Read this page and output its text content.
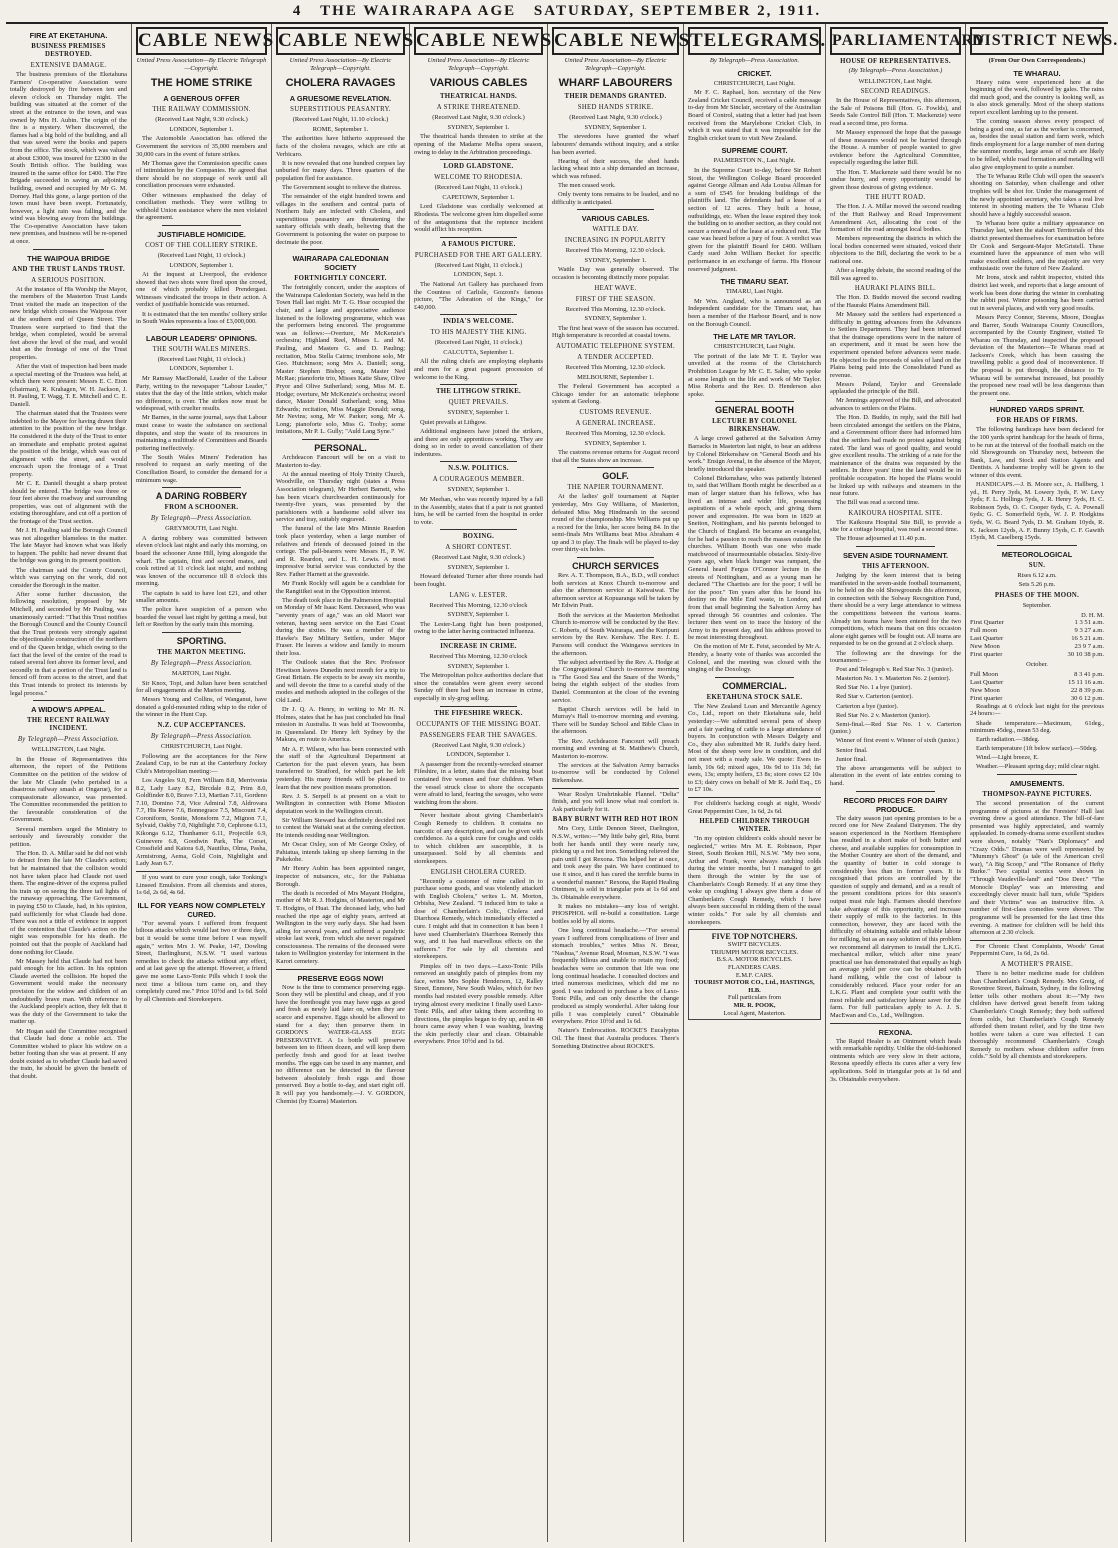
4 THE WAIRARAPA AGE SATURDAY, SEPTEMBER 2, 1911.
FIRE AT EKETAHUNA.
BUSINESS PREMISES DESTROYED.
EXTENSIVE DAMAGE.

The business premises of the Eketahuna Farmers' Co-operative Association were totally destroyed by fire between ten and eleven o'clock on Thursday night. The building was situated at the corner of the street at the entrance to the town, and was owned by Mrs H. Aubin. The origin of the fire is a mystery. When discovered, the flames had a big hold of the building, and all that was saved were the books and papers from the office. The stock, which was valued at about £3000, was insured for £2300 in the South British office. The building was insured in the same office for £400. The Fire Brigade succeeded in saving an adjoining building, owned and occupied by Mr G. M. Dorney. Had this gone, a large portion of the town must have been swept. Fortunately, however, a light rain was falling, and the wind was blowing away from the buildings. The Co-operative Association have taken new premises, and business will be re-opened at once.

THE WAIPOUA BRIDGE
AND THE TRUST LANDS TRUST.
A SERIOUS POSITION.

At the instance of His Worship the Mayor, the members of the Masterton Trust Lands Trust visited the made an inspection of the new bridge which crosses the Waipoua river at the southern end of Queen Street. The Trustees were surprised to find that the bridge, when completed, would be several feet above the level of the road, and would shut an the frontage of one of the Trust properties.

After the visit of inspection had been made a special meeting of the Trustees was held, at which there were present: Messrs E. C. Eton (chairman), R. Krahagen, W. H. Jackson, J. H. Pauling, T. Wagg, T. E. Mitchell and C. E. Daniell.

The chairman stated that the Trustees were indebted to the Mayor for having drawn their attention to the position of the new bridge. He considered it the duty of the Trust to enter an immediate and emphatic protest against the position of the bridge, which was out of alignment with the street, and would encroach upon the frontage of a Trust property.

Mr C. E. Daniell thought a sharp protest should be entered. The bridge was three or four feet above the roadway and surrounding properties, was out of alignment with the existing thoroughfare, and cut off a portion of the frontage of the Trust section.

Mr J. H. Pauling said the Borough Council was not altogether blameless in the matter. The late Mayor had known what was likely to happen. The public had never dreamt that the bridge was going in its present position.

The chairman said the County Council, which was carrying on the work, did not consider the Borough in the matter.

After some further discussion, the following resolution, proposed by Mr Mitchell, and seconded by Mr Pauling, was unanimously carried: "That this Trust notifies the Borough Council and the County Council that the Trust protests very strongly against the objectionable construction of the northern end of the Queen bridge, which owing to the fact that the level of the centre of the road is raised several feet above its former level, and secondly in that a portion of the Trust land is fenced off from access to the street, and that this Trust intends to protect its interests by legal process."

A WIDOW'S APPEAL.
THE RECENT RAILWAY INCIDENT.
By Telegraph—Press Association.
WELLINGTON, Last Night.

In the House of Representatives this afternoon, the report of the Petitions Committee on the petition of the widow of the late Mr Claude (who perished in a disastrous railway smash at Ongarue), for a compassionate allowance, was presented. The Committee recommended the petition to the favourable consideration of the Government.

Several members urged the Ministry to seriously and favourably consider the petition.

The Hon. D. A. Millar said he did not wish to detract from the late Mr Claude's action; but he maintained that the collision would not have taken place had Claude not used them. The engine-driver of the express pulled his train up on seeing the three tail lights of the runaway approaching. The Government, in paying £50 to Claude, had, in his opinion, paid sufficiently for what Claude had done. There was not a tittle of evidence in support of the contention that Claude's action on the night was responsible for his death. He pointed out that the people of Auckland had done nothing for Claude.

Mr Massey held that Claude had not been paid enough for his action. In his opinion Claude averted the collision. He hoped the Government would make the necessary provision for the widow and children of an undoubtedly brave man. With reference to the Auckland people's action, they felt that it was the duty of the Government to take the matter up.

Mr Hogan said the Committee recognised that Claude had done a noble act. The Committee wished to place his widow on a better footing than she was at present. If any doubt existed as to whether Claude had saved the train, he should be given the benefit of that doubt.

CABLE NEWS
United Press Association—By Electric Telegraph—Copyright.
THE HOME STRIKE
A GENEROUS OFFER
THE RAILWAY COMMISSION.
(Received Last Night, 9.30 o'clock.)
LONDON, September 1.

The Automobile Association has offered the Government the services of 35,000 members and 30,000 cars in the event of future strikes.

Mr Thomas gave the Commission specific cases of intimidation by the Companies. He agreed that there should be no stoppage of work until all conciliation processes were exhausted.

Other witnesses emphasised the delay of conciliation methods. They were willing to withhold Union assistance where the men violated the agreement.

JUSTIFIABLE HOMICIDE.
COST OF THE COLLIERY STRIKE.
(Received Last Night, 11 o'clock.)
LONDON, September 1.

At the inquest at Liverpool, the evidence showed that two shots were fired upon the crowd, one of which probably killed Prendergast. Witnesses vindicated the troops in their action. A verdict of justifiable homicide was returned.

It is estimated that the ten months' colliery strike in South Wales represents a loss of £3,000,000.

LABOUR LEADERS' OPINIONS.
THE SOUTH WALES MINERS.
(Received Last Night, 11 o'clock.)
LONDON, September 1.

Mr Ramsay MacDonald, Leader of the Labour Party, writing to the newspaper "Labour Leader," states that the day of the little strikes, which make no difference, is over. The strikes now must be widespread, with cruelter results.

Mr Barnes, in the same journal, says that Labour must cease to waste the substance on sectional disputes, and stop the waste of its resources in maintaining a multitude of Committees and Boards pottering ineffectively.

The South Wales Miners' Federation has resolved to request an early meeting of the Conciliation Board, to consider the demand for a minimum wage.

A DARING ROBBERY
FROM A SCHOONER.
By Telegraph—Press Association.
GREYMOUTH, Last Night.

A daring robbery was committed between eleven o'clock last night and early this morning, on board the schooner Anne Hill, lying alongside the wharf. The captain, first and second mates, and cook retired at 11 o'clock last night, and nothing was known of the occurrence till 8 o'clock this morning.

The captain is said to have lost £21, and other smaller amounts.

The police have suspicion of a person who boarded the vessel last night by getting a meal, but left or Reefton by the early train this morning.

SPORTING.
THE MARTON MEETING.
By Telegraph—Press Association.
MARTON, Last Night.

Sir Knox, Topi, and Julian have been scratched for all engagements at the Marton meeting.

Messrs Young and Collins, of Wanganui, have donated a gold-mounted riding whip to the rider of the winner in the Hunt Cup.

N.Z. CUP ACCEPTANCES.
By Telegraph—Press Association.
CHRISTCHURCH, Last Night.

Following are the acceptances for the New Zealand Cup, to be run at the Canterbury Jockey Club's Metropolitan meeting:—

Los Angeles 9.0, Fern William 8.8, Merrivonia 8.2, Lady Lazy 8.2, Bircdale 8.2, Prim 8.0, Goldfinder 8.0, Bravo 7.13, Martian 7.11, Gordeno 7.10, Domino 7.8, Vice Admiral 7.8, Aldrovara 7.7, His Reeve 7.6, Bonnegrace 7.5, Miscount 7.4, Coroniform, Sonite, Monsform 7.2, Mignon 7.1, Sylvaid, Oakby 7.0, Nightlight 7.0, Cephrone 6.13, Kikonga 6.12, Thunhamer 6.11, Projectile 6.9, Guinevere 6.8, Goodwin Park, The Corset, Crossfield and Kaiora 6.8, Nautilus, Olma, Pasha, Armistrong, Aema, Gold Coin, Nightlight and Lady Jean 6.7.

If you want to cure your cough, take Tonking's Linseed Emulsion. From all chemists and stores, 1s 6d, 2s 6d, 4s 6d.

ILL FOR YEARS NOW COMPLETELY CURED.

"For several years I suffered from frequent bilious attacks which would last two or three days, but it would be some time before I was myself again," writes Mrs J. W. Peake, 147, Dowling Street, Darlinghurst, N.S.W. "I used various remedies to check the attacks without any effect, and at last gave up the attempt. However, a friend gave me some Laxo-Tonic Pills which I took the next time a bilious turn came on, and they completely cured me." Price 10½d and 1s 6d. Sold by all Chemists and Storekeepers.

CABLE NEWS
United Press Association—By Electric Telegraph—Copyright.
CHOLERA RAVAGES
A GRUESOME REVELATION.
SUPERSTITIOUS PEASANTRY.
(Received Last Night, 11.10 o'clock.)
ROME, September 1.

The authorities have hitherto suppressed the facts of the cholera ravages, which are rife at Verbicaro.

It is now revealed that one hundred corpses lay unburied for many days. Three quarters of the population fled for assistance.

The Government sought to relieve the distress.

The remainder of the eight hundred towns and villages in the southern and central parts of Northern Italy are infected with Cholera, and superstitious peasantry are threatening the sanitary officials with death, believing that the Government is poisoning the water on purpose to decimate the poor.

WAIRARAPA CALEDONIAN SOCIETY
FORTNIGHTLY CONCERT.

The fortnightly concert, under the auspices of the Wairarapa Caledonian Society, was held in the Town Hall last night. Mr T. G. Hoar occupied the chair, and a large and appreciative audience listened to the following programme, which was the performers being encored. The programme was as follows:—Overture, Mr McKenzie's orchestra; Highland Reel, Misses L. and M. Pauling, and Masters G. and D. Pauling; recitation, Miss Stella Cairns; trombone solo, Mr Geo. Hutchinson; song Mrs A. Daniell; song, Master Stephen Bishop; song, Master Ned McRae; pianoforte trio, Misses Katie Shaw, Olive Pryor and Olive Sutherland; song, Miss M. E. Hodge; overture, Mr McKenzie's orchestra; sword dance, Master Donald Sutherland; song, Miss Edwards; recitation, Miss Maggie Donald; song, Mr Nevins; song, Mr W. Parker; song, Mr A. Long; pianoforte solo, Miss G. Tooby; some imitations, Mr P. L. Gully; "Auld Lang Syne."

PERSONAL.

Archdeacon Fancourt will be on a visit to Masterton to-day.

At the annual meeting of Holy Trinity Church, Woodville, on Thursday night (states a Press Association telegram), Mr Herbert Barnett, who has been vicar's churchwarden continuously for twenty-five years, was presented by the parishioners with a handsome solid silver tea service and tray, suitably engraved.

The funeral of the late Mrs Minnie Reardon took place yesterday, when a large number of relatives and friends of deceased joined in the cortege. The pall-bearers were Messrs H., P. W. and R. Reardon, and L. H. Lewis. A most impressive burial service was conducted by the Rev. Father Harnett at the graveside.

Mr Frank Rockly will again be a candidate for the Rangitikei seat in the Opposition interest.

The death took place in the Palmerston Hospital on Monday of Mr Isaac Kent. Deceased, who was "seventy years of age," was an old Maori war veteran, having seen service on the East Coast during the sixties. He was a member of the Hawke's Bay Military Settlers, under Major Fraser. He leaves a widow and family to mourn their loss.

The Outlook states that the Rev. Professor Hewitson leaves Dunedin next month for a trip to Great Britain. He expects to be away six months, and will devote the time to a careful study of the modes and methods adopted in the colleges of the Old Land.

Dr J. Q. A. Henry, in writing to Mr H. N. Holmes, states that he has just concluded his final mission in Australia. It was held at Toowoomba, in Queensland. Dr Henry left Sydney by the Makura, en route to America.

Mr A. F. Wilson, who has been connected with the staff of the Agricultural Department at Carterton for the past eleven years, has been transferred to Stratford, for which part he left yesterday. His many friends will be pleased to learn that the new position means promotion.

Rev. J. S. Serpell is at present on a visit to Wellington in connection with Home Mission deputation work in the Wellington circuit.

Sir William Steward has definitely decided not to contest the Waitaki seat at the coming election. He intends residing near Wellington.

Mr Oscar Oxley, son of Mr George Oxley, of Pahiatua, intends taking up sheep farming in the Pukekohe.

Mr Henry Aubin has been appointed ranger, inspector of nuisances, etc., for the Pahiatua Borough.

The death is recorded of Mrs Mayant Hodgins, mother of Mr R. J. Hodgins, of Masterton, and Mr T. Hodgins, of Huai. The deceased lady, who had reached the ripe age of eighty years, arrived at Wellington in the very early days. She had been ailing for several years, and suffered a paralytic stroke last week, from which she never regained consciousness. The remains of the deceased were taken to Wellington yesterday for interment in the Karori cemetery.

PRESERVE EGGS NOW!

Now is the time to commence preserving eggs. Soon they will be plentiful and cheap, and if you have the forethought you may have eggs as good and fresh as newly laid later on, when they are scarce and expensive. Eggs should be allowed to stand for a day; then preserve them in GORDON'S WATER-GLASS EGG PRESERVATIVE. A 1s bottle will preserve between ten to fifteen dozen, and will keep them perfectly fresh and good for at least twelve months. The eggs can be used in any manner, and no difference can be detected in the flavour between absolutely fresh eggs and those preserved. Buy a bottle to-day, and start right off. It will pay you handsomely.—J. V. GORDON, Chemist (by Exams) Masterton.

CABLE NEWS
United Press Association—By Electric Telegraph—Copyright.
VARIOUS CABLES
THEATRICAL HANDS.
A STRIKE THREATENED.
(Received Last Night, 9.30 o'clock.)
SYDNEY, September 1.

The theatrical hands threaten to strike at the opening of the Madame Melba opera season, owing to delay in the Arbitration proceedings.

LORD GLADSTONE.
WELCOME TO RHODESIA.
(Received Last Night, 11 o'clock.)
CAPETOWN, September 1.

Lord Gladstone was cordially welcomed at Rhodesia. The welcome given him dispelled some of the antagonisms that the reptence incident would afflict his reception.

A FAMOUS PICTURE.
PURCHASED FOR THE ART GALLERY.
(Received Last Night, 11 o'clock.)
LONDON, Sept. 1.

The National Art Gallery has purchased from the Countess of Carlisle, Gozzoni's famous picture, "The Adoration of the Kings," for £40,000.

INDIA'S WELCOME.
TO HIS MAJESTY THE KING.
(Received Last Night, 11 o'clock.)
CALCUTTA, September 1.

All the ruling chiefs are employing elephants and men for a great pageant procession of welcome to the King.

THE LITHGOW STRIKE.
QUIET PREVAILS.
SYDNEY, September 1.

Quiet prevails at Lithgow.

Additional engineers have joined the strikers, and there are only apprentices working. They are doing so in order to avoid cancellation of their indentures.

N.S.W. POLITICS.
A COURAGEOUS MEMBER.
SYDNEY, September 1.

Mr Meehan, who was recently injured by a fall in the Assembly, states that if a pair is not granted him, he will be carried from the hospital in order to vote.

BOXING.
A SHORT CONTEST.
(Received Last Night, 9.30 o'clock.)
SYDNEY, September 1.

Howard defeated Turner after three rounds had been fought.

LANG v. LESTER.
Received This Morning, 12.30 o'clock
SYDNEY, September 1.

The Lester-Lang fight has been postponed, owing to the latter having contracted influenza.

INCREASE IN CRIME.
Received This Morning, 12.30 o'clock
SYDNEY, September 1.

The Metropolitan police authorities declare that since the constables were given every second Sunday off there had been an increase in crime, especially in sly-grog selling.

THE FIFESHIRE WRECK.
OCCUPANTS OF THE MISSING BOAT.
PASSENGERS FEAR THE SAVAGES.
(Received Last Night, 9.30 o'clock.)
LONDON, September 1.

A passenger from the recently-wrecked steamer Fifeshire, in a letter, states that the missing boat contained five women and four children. When the vessel struck close to shore the occupants were afraid to land, fearing the savages, who were watching from the shore.

Never hesitate about giving Chamberlain's Cough Remedy to children. It contains no narcotic of any description, and can be given with confidence. As a quick cure for coughs and colds to which children are susceptible, it is unsurpassed. Sold by all chemists and storekeepers.

ENGLISH CHOLERA CURED.

"Recently a customer of mine called in to purchase some goods, and was violently attacked with English Cholera," writes L. M. Morton, Orbisha, New Zealand. "I induced him to take a dose of Chamberlain's Colic, Cholera and Diarrhoea Remedy, which immediately effected a cure. I might add that in connection it has been I have used Chamberlain's Diarrhoea Remedy this way, and it has had marvellous effects on the sufferers." For sale by all chemists and storekeepers.

Pimples off in two days.—Laxo-Tonic Pills removed an unsightly patch of pimples from my face, writes Mrs Sophie Henderson, 12, Ralley Street, Enmore, New South Wales, which for two months had resisted every possible remedy. After trying almost every medicine I finally used Laxo-Tonic Pills, and after taking them according to directions, the pimples began to dry up, and in 48 hours came away when I was washing, leaving the skin perfectly clear and clean. Obtainable everywhere. Price 10½d and 1s 6d.

CABLE NEWS
United Press Association—By Electric Telegraph—Copyright.
WHARF LABOURERS
THEIR DEMANDS GRANTED.
SHED HANDS STRIKE.
(Received Last Night, 9.30 o'clock.)
SYDNEY, September 1.

The stevedores have granted the wharf labourers' demands without inquiry, and a strike has been averted.

Hearing of their success, the shed hands lacking wheat into a ship demanded an increase, which was refused.

The men ceased work.

Only twenty tons remains to be loaded, and no difficulty is anticipated.

VARIOUS CABLES.
WATTLE DAY.
INCREASING IN POPULARITY
Received This Morning, 12.30 o'clock.
SYDNEY, September 1.

Wattle Day was generally observed. The occasion is becoming distinctly more popular.

HEAT WAVE.
FIRST OF THE SEASON.
Received This Morning, 12.30 o'clock.
SYDNEY, September 1.

The first heat wave of the season has occurred. High temperature is recorded at coastal towns.

AUTOMATIC TELEPHONE SYSTEM.
A TENDER ACCEPTED.
Received This Morning, 12.30 o'clock.
MELBOURNE, September 1.

The Federal Government has accepted a Chicago tender for an automatic telephone system at Geelong.

CUSTOMS REVENUE.
A GENERAL INCREASE.
Received This Morning, 12.30 o'clock.
SYDNEY, September 1.

The customs revenue returns for August record that all the States show an increase.

GOLF.
THE NAPIER TOURNAMENT.

At the ladies' golf tournament at Napier yesterday, Mrs Guy Williams, of Masterton, defeated Miss Meg Hindmarsh in the second round of the championship. Mrs Williams put up a record for the links, her score being 84. In the semi-finals Mrs Williams beat Miss Abraham 4 up and 3 to play. The finals will be played to-day over thirty-six holes.

CHURCH SERVICES

Rev. A. T. Thompson, B.A., B.D., will conduct both services at Knox Church to-morrow and also the afternoon service at Kaiwaiwai. The afternoon service at Kopuaranga will be taken by Mr Edwin Pratt.

Both the services at the Masterton Methodist Church to-morrow will be conducted by the Rev. C. Roberts, of South Wairarapa, and the Kuripuni services by the Rev. Kershaw. The Rev. J. E. Parsons will conduct the Waingawa services in the afternoon.

The subject advertised by the Rev. A. Hodge at the Congregational Church to-morrow morning is "The Good Sea and the Snare of the Words," being the eighth subject of the studies from Daniel. Communion at the close of the evening service.

Baptist Church services will be held in Murray's Hall to-morrow morning and evening. There will be Sunday School and Bible Class in the afternoon.

The Rev. Archdeacon Fancourt will preach morning and evening at St. Matthew's Church, Masterton to-morrow.

The services at the Salvation Army barracks to-morrow will be conducted by Colonel Birkenshaw.

Wear Roslyn Unshrinkable Flannel. "Delta" finish, and you will know what real comfort is. Ask particularly for it.

BABY BURNT WITH RED HOT IRON

Mrs Cory, Little Dennon Street, Darlington, N.S.W., writes:—"My little baby girl, Rita, burnt both her hands until they were nearly raw, picking up a red hot iron. Something relieved the pain until I got Rexona. This helped her at once, and took away the pain. We have continued to use it since, and it has cured the terrible burns in a wonderful manner." Rexona, the Rapid Healing Ointment, is sold in triangular pots at 1s 6d and 3s. Obtainable everywhere.

It makes no mistakes—any loss of weight. PHOSPHOL will re-build a constitution. Large bottles sold by all stores.

One long continual headache.—"For several years I suffered from complications of liver and stomach troubles," writes Miss N. Brear, "Nashua," Avenue Road, Mosman, N.S.W. "I was frequently bilious and unable to retain my food; headaches were so common that life was one long continual headache. I consulted doctors and tried numerous medicines, which did me no good. I was induced to purchase a box of Laxo-Tonic Pills, and can only describe the change produced as simply wonderful. After taking four pills I was completely cured." Obtainable everywhere. Price 10½d and 1s 6d.

Nature's Embrocation. ROCKE'S Eucalyptus Oil. The finest that Australia produces. There's Something Distinctive about ROCKE'S.

TELEGRAMS.
By Telegraph—Press Association.
CRICKET.
CHRISTCHURCH, Last Night.

Mr F. C. Raphael, hon. secretary of the New Zealand Cricket Council, received a cable message to-day from Mr Sinclair, secretary of the Australian Board of Control, stating that a letter had just been received from the Marylebone Cricket Club, in which it was stated that it was impossible for the English cricket team to visit New Zealand.

SUPREME COURT.
PALMERSTON N., Last Night.

In the Supreme Court to-day, before Sir Robert Stout, the Wellington College Board proceeded against George Allman and Ada Louisa Allman for a sum of £545 for breaking buildings of the plaintiffs land. The defendants had a lease of a section of 12 acres. They built a house, outbuildings, etc. When the lease expired they took the building on to another section, as they could not secure a renewal of the lease at a reduced rent. The case was heard before a jury of four. A verdict was given for the plaintiff Board for £400. William Cardy sued John William Becket for specific performance in an exchange of farms. His Honour reserved judgment.

THE TIMARU SEAT.
TIMARU, Last Night.

Mr Wm. Angland, who is announced as an Independent candidate for the Timaru seat, has been a member of the Harbour Board, and is now on the Borough Council.

THE LATE MR TAYLOR.
CHRISTCHURCH, Last Night.

The portrait of the late Mr T. E. Taylor was unveiled at the rooms of the Christchurch Prohibition League by Mr C. E. Salter, who spoke at some length on the life and work of Mr Taylor. Miss Roberts and the Rev. D. Henderson also spoke.

GENERAL BOOTH
LECTURE BY COLONEL BIRKENSHAW.

A large crowd gathered at the Salvation Army Barracks in Masterton last night, to hear an address by Colonel Birkenshaw on "General Booth and his work." Ensign Avenal, in the absence of the Mayor, briefly introduced the speaker.

Colonel Birkenshaw, who was patiently listened to, said that William Booth might be described as a man of larger stature than his fellows, who has lived an intense and wider life, possessing aspirations of a whole epoch, and giving them power and expression. He was born in 1829 at Sneiton, Nottingham, and his parents belonged to the Church of England. He became an evangelist, for he had a passion to reach the masses outside the churches. William Booth was one who made matchwood of insurmountable obstacles. Sixty-five years ago, when black hunger was rampant, the General heard Fergus O'Connor lecture in the streets of Nottingham, and as a young man he declared "The Chartists are for the poor; I will be for the poor." Ten years after this he found his destiny on the Mile End waste, in London, and from that small beginning the Salvation Army has spread through 56 countries and colonies. The lecturer then went on to trace the history of the Army to its present day, and his address proved to be most interesting throughout.

On the motion of Mr E. Feist, seconded by Mr A. Hendry, a hearty vote of thanks was accorded the Colonel, and the meeting was closed with the singing of the Doxology.

COMMERCIAL.
EKETAHUNA STOCK SALE.

The New Zealand Loan and Mercantile Agency Co., Ltd., report on their Eketahuna sale, held yesterday:—We submitted several pens of sheep and a fair yarding of cattle to a large attendance of buyers. In conjunction with Messrs Dalgety and Co., they also submitted Mr R. Judd's dairy herd. Most of the sheep were low in condition, and did not meet with a ready sale. We quote: Ewes in-lamb, 10s 6d; mixed ages, 10s 9d to 11s 3d; fat ewes, 13s; empty heifers, £3 8s; store cows £2 10s to £3; dairy cows on behalf of Mr R. Judd Esq., £6 to £7 10s.

For children's hacking cough at night, Woods' Great Peppermint Cure, 1s 6d, 2s 6d.

HELPED CHILDREN THROUGH WINTER.

"In my opinion children's colds should never be neglected," writes Mrs M. E. Robinson, Piper Street, South Broken Hill, N.S.W. "My two sons, Arthur and Frank, were always catching colds during the winter months, but I managed to get them through the winter by the use of Chamberlain's Cough Remedy. If at any time they woke up coughing I always give them a dose of Chamberlain's Cough Remedy, which I have always been successful in ridding them of the usual winter colds." For sale by all chemists and storekeepers.

FIVE TOP NOTCHERS.
SWIFT BICYCLES.
TRIUMPH MOTOR BICYCLES.
B.S.A. MOTOR BICYCLES.
FLANDERS CARS.
E.M.F. CARS.
TOURIST MOTOR CO., Ltd., HASTINGS, H.B.
Full particulars from
MR. R. POOK,
Local Agent, Masterton.
PARLIAMENTARY
HOUSE OF REPRESENTATIVES.
(By Telegraph—Press Association.)
WELLINGTON, Last Night.
SECOND READINGS.

In the House of Representatives, this afternoon, the Sale of Poisons Bill (Hon. G. Fowlds), and Seeds Sale Control Bill (Hon. T. Mackenzie) were read a second time, pro forma.

Mr Massey expressed the hope that the passage of these measures would not be hurried through the House. A number of people wanted to give evidence before the Agricultural Committee, especially regarding the latter Bill.

The Hon. T. Mackenzie said there would be no undue hurry, and every opportunity would be given those desirous of giving evidence.

THE HUTT ROAD.

The Hon. J. A. Millar moved the second reading of the Hutt Railway and Road Improvement Amendment Act, allocating the cost of the formation of the road amongst local bodies.

Members representing the districts in which the local bodies concerned were situated, voiced their objections to the Bill, declaring the work to be a national one.

After a lengthy debate, the second reading of the Bill was agreed to.

HAURAKI PLAINS BILL.

The Hon. D. Buddo moved the second reading of the Hauraki Plains Amendment Bill.

Mr Massey said the settlers had experienced a difficulty in getting advances from the Advances to Settlers Department. They had been informed that the drainage operations were in the nature of an experiment, and it must be seen how the experiment operated before advances were made. He objected to the proceeds of sales of land on the Plains being paid into the Consolidated Fund as revenue.

Messrs Poland, Taylor and Greenslade applauded the principle of the Bill.

Mr Jennings approved of the Bill, and advocated advances to settlers on the Plains.

The Hon. D. Buddo, in reply, said the Bill had been circulated amongst the settlers on the Plains, and a Government officer there had informed him that the settlers had made no protest against being rated. The land was of good quality, and would give excellent results. The striking of a rate for the maintenance of the drains was requested by the settlers. In three years' time the land would be in profitable occupation. He hoped the Plains would be linked up with railways and steamers in the near future.

The Bill was read a second time.

KAIKOURA HOSPITAL SITE.

The Kaikoura Hospital Site Bill, to provide a site for a cottage hospital, was read a second time.

The House adjourned at 11.40 p.m.

SEVEN ASIDE TOURNAMENT.
THIS AFTERNOON.

Judging by the keen interest that is being manifested in the seven-aside football tournament, to be held on the old Showgrounds this afternoon, in connection with the Solway Recognition Fund, there should be a very large attendance to witness the competitions between the various teams. Already ten teams have been entered for the two competitions, which means that on this occasion alone eight games will be fought out. All teams are requested to be on the ground at 2 o'clock sharp.

The following are the drawings for the tournament:—

Post and Telegraph v. Red Star No. 3 (junior).

Masterton No. 1 v. Masterton No. 2 (senior).

Red Star No. 1 a bye (junior).

Red Star v. Carterton (senior).

Carterton a bye (junior).

Red Star No. 2 v. Masterton (junior).

Semi-final.—Red Star No. 1 v. Carterton (junior.)

Winner of first event v. Winner of sixth (junior.)

Senior final.

Junior final.

The above arrangements will be subject to alteration in the event of late entries coming to hand.

RECORD PRICES FOR DAIRY PRODUCE.

The dairy season just opening promises to be a record one for New Zealand Dairymen. The dry season experienced in the Northern Hemisphere has resulted in a short make of both butter and cheese, and available supplies for consumption in the Mother Country are short of the demand, and the quantity of butter in cold storage is considerably less than in former years. It is recognised that prices are controlled by the question of supply and demand, and as a result of the present conditions prices for this season's output must rule high. Farmers should therefore take advantage of this opportunity, and increase their supply of milk to the factories. In this connection, however, they are faced with the difficulty of obtaining suitable and reliable labour for milking, but as an easy solution of this problem we recommend all dairymen to install the L.K.G. mechanical milker, which after nine years' practical use has demonstrated that equally as high an average yield per cow can be obtained with hand milking, while the cost of labour is considerably reduced. Place your order for an L.K.G. Plant and complete your outfit with the most reliable and satisfactory labour saver for the farm. For full particulars apply to A. J. S. MacEwan and Co., Ltd., Wellington.

REXONA.

The Rapid Healer is an Ointment which heals with remarkable rapidity. Unlike the old-fashioned ointments which are very slow in their actions, Rexona speedily effects its cures after a very few applications. Sold in triangular pots at 1s 6d and 3s. Obtainable everywhere.

DISTRICT NEWS.
(From Our Own Correspondents.)
TE WHARAU.

Heavy rains were experienced here at the beginning of the week, followed by gales. The rains did much good, and the country is looking well, as is also stock generally. Most of the sheep stations report excellent lambing up to the present.

The coming season shows every prospect of being a good one, as far as the worker is concerned, as, besides the usual station and farm work, which finds employment for a large number of men during the summer months, large areas of scrub are likely to be felled, while road formation and metalling will also give employment to quite a number.

The Te Wharau Rifle Club will open the season's shooting on Saturday, when challenge and other trophies will be shot for. Under the management of the newly appointed secretary, who takes a real live interest in shooting matters the Te Wharau Club should have a highly successful season.

Te Wharau bore quite a military appearance on Thursday last, when the stalwart Territorials of this district presented themselves for examination before Dr Cook and Sergeant-Major McGristell. These examined have the appearance of men who will make excellent soldiers, and the majority are very enthusiastic over the future of New Zealand.

Mr Irons, stock and rabbit inspector, visited this district last week, and reports that a large amount of work has been done during the winter in combating the rabbit pest. Winter poisoning has been carried out in several places, and with very good results.

Messrs Percy Connor, Stevens, Moore, Douglas and Barrer, South Wairarapa County Councillors, accompanied by the County Engineer, visited Te Wharau on Thursday, and inspected the proposed deviation of the Masterton—Te Wharau road at Jackson's Creek, which has been causing the travelling public a good deal of inconvenience. If the proposal is put through, the distance to Te Wharau will be somewhat increased, but possibly the proposed new road will be less dangerous than the present one.

HUNDRED YARDS SPRINT.
FOR HEADS OF FIRMS.

The following handicaps have been declared for the 100 yards sprint handicap for the heads of firms, to be run at the interval of the football match on the old Showgrounds on Thursday next, between the Bank, Law, and Stock and Station Agents and Dentists. A handsome trophy will be given to the winner of this event.

HANDICAPS.—J. B. Moore scr., A. Hallberg, 1 yd., H. Perry 3yds, M. Lowery 3yds, F. W. Levy 3yds; F. L. Hollings 5yds, J. R. Henry 5yds, H. C. Robinson 5yds, O. C. Cooper 6yds, C. A. Pownall 6yds; G. C. Somerfield 6yds, W. J. P. Hodgkins 6yds, W. G. Beard 7yds, D. M. Graham 10yds, R. K. Jackson 12yds, A. F. Bunny 15yds, C. F. Gawith 15yds, M. Caselberg 15yds.

METEOROLOGICAL
SUN.
Rises 6.12 a.m.
Sets 5.26 p.m.
PHASES OF THE MOON.
September.
D. H. M.
First Quarter	1 3 51 a.m.
Full moon	9 3 27 a.m.
Last Quarter	16 5 21 a.m.
New Moon	23 9 7 a.m.
First quarter	30 10 38 p.m.
October.
Full Moon	8 3 41 p.m.
Last Quarter	15 11 16 a.m.
New Moon	22 8 39 p.m.
First quarter	30 6 12 p.m.

Readings at 6 o'clock last night for the previous 24 hours:—

Shade temperature.—Maximum, 61deg., minimum 45deg., mean 53 deg.

Earth radiation.—38deg.

Earth temperature (1ft below surface).—50deg.

Wind.—Light breeze, E.

Weather.—Pleasant spring day; mild clear night.

AMUSEMENTS.
THOMPSON-PAYNE PICTURES.

The second presentation of the current programme of pictures at the Foresters' Hall last evening drew a good attendance. The bill-of-fare presented was highly appreciated, and warmly applauded. In comedy-drama some excellent studies were shown, notably "Nan's Diplomacy" and "Crazy Odds." Dramas were well represented by "Mummy's Ghost" (a tale of the American civil war), "A Big Scoop," and "The Romance of Hefty Burke." Two capital scenics were shown in "Through Vaudeville-land" and "Doe Deer." "The Monocle Display" was an interesting and exceedingly clever music hall turn, while "Spiders and their Victims" was an instructive film. A number of first-class comedies were shown. The programme will be presented for the last time this evening. A matinee for children will be held this afternoon at 2.30 o'clock.

For Chronic Chest Complaints, Woods' Great Peppermint Cure, 1s 6d, 2s 6d.

A MOTHER'S PRAISE.

There is no better medicine made for children than Chamberlain's Cough Remedy. Mrs Greig, of Rowntree Street, Balmain, Sydney, in the following letter tells other mothers about it:—"My two children have derived great benefit from taking Chamberlain's Cough Remedy; they both suffered from colds, but Chamberlain's Cough Remedy afforded them instant relief, and by the time two bottles were taken a cure was effected. I can thoroughly recommend Chamberlain's Cough Remedy to mothers whose children suffer from colds." Sold by all chemists and storekeepers.
